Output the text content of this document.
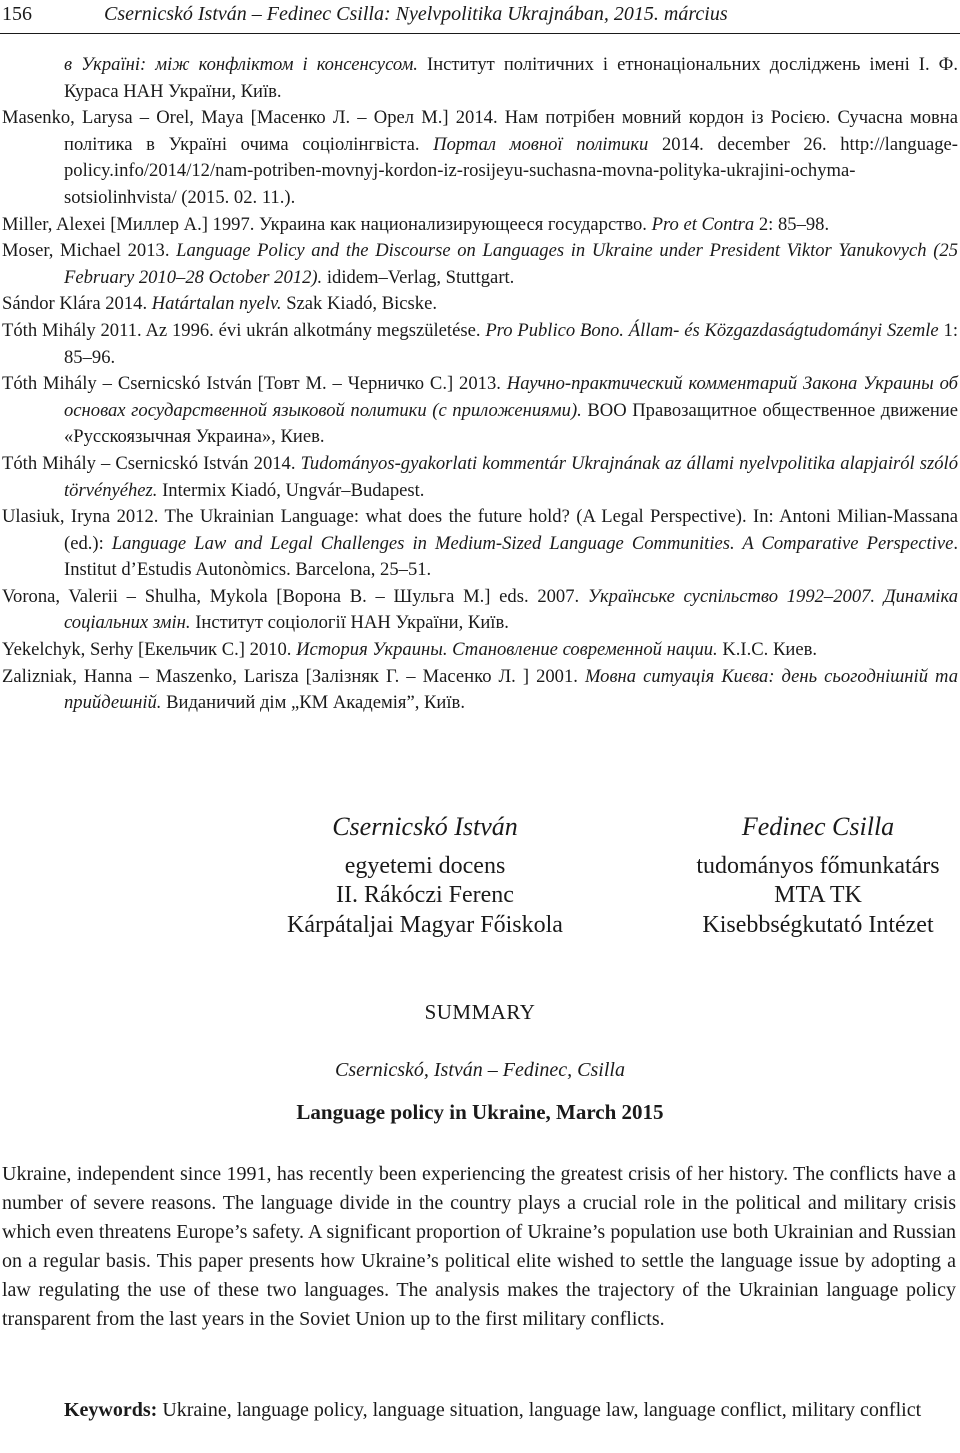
156	Csernicskó István – Fedinec Csilla: Nyelvpolitika Ukrajnában, 2015. március

в Україні: між конфліктом і консенсусом. Інститут політичних і етнонаціональних досліджень імені І. Ф. Кураса НАН України, Київ.

Masenko, Larysa – Orel, Maya [Масенко Л. – Орел М.] 2014. Нам потрібен мовний кордон із Росією. Сучасна мовна політика в Україні очима соціолінгвіста. Портал мовної політики 2014. december 26. http://language-policy.info/2014/12/nam-potriben-movnyj-kordon-iz-rosijeyu-suchasna-movna-polityka-ukrajini-ochyma-sotsiolinhvista/ (2015. 02. 11.).

Miller, Alexei [Миллер А.] 1997. Украина как национализирующееся государство. Pro et Contra 2: 85–98.

Moser, Michael 2013. Language Policy and the Discourse on Languages in Ukraine under President Viktor Yanukovych (25 February 2010–28 October 2012). ididem–Verlag, Stuttgart.

Sándor Klára 2014. Határtalan nyelv. Szak Kiadó, Bicske.

Tóth Mihály 2011. Az 1996. évi ukrán alkotmány megszületése. Pro Publico Bono. Állam- és Közgazdaságtudományi Szemle 1: 85–96.

Tóth Mihály – Csernicskó István [Товт М. – Черничко С.] 2013. Научно-практический комментарий Закона Украины об основах государственной языковой политики (с приложениями). ВОО Правозащитное общественное движение «Русскоязычная Украина», Киев.

Tóth Mihály – Csernicskó István 2014. Tudományos-gyakorlati kommentár Ukrajnának az állami nyelvpolitika alapjairól szóló törvényéhez. Intermix Kiadó, Ungvár–Budapest.

Ulasiuk, Iryna 2012. The Ukrainian Language: what does the future hold? (A Legal Perspective). In: Antoni Milian-Massana (ed.): Language Law and Legal Challenges in Medium-Sized Language Communities. A Comparative Perspective. Institut d’Estudis Autonòmics. Barcelona, 25–51.

Vorona, Valerii – Shulha, Mykola [Ворона В. – Шульга М.] eds. 2007. Українське суспільство 1992–2007. Динаміка соціальних змін. Інститут соціології НАН України, Київ.

Yekelchyk, Serhy [Екельчик С.] 2010. История Украины. Становление современной нации. K.I.C. Киев.

Zalizniak, Hanna – Maszenko, Larisza [Залізняк Г. – Масенко Л. ] 2001. Мовна ситуація Києва: день сьогоднішній та прийдешній. Виданичий дім „КМ Академія”, Київ.

Csernicskó István
egyetemi docens
II. Rákóczi Ferenc
Kárpátaljai Magyar Főiskola
Fedinec Csilla
tudományos főmunkatárs
MTA TK
Kisebbségkutató Intézet
SUMMARY
Csernicskó, István – Fedinec, Csilla
Language policy in Ukraine, March 2015

Ukraine, independent since 1991, has recently been experiencing the greatest crisis of her history. The conflicts have a number of severe reasons. The language divide in the country plays a crucial role in the political and military crisis which even threatens Europe’s safety. A significant proportion of Ukraine’s population use both Ukrainian and Russian on a regular basis. This paper presents how Ukraine’s political elite wished to settle the language issue by adopting a law regulating the use of these two languages. The analysis makes the trajectory of the Ukrainian language policy transparent from the last years in the Soviet Union up to the first military conflicts.

Keywords: Ukraine, language policy, language situation, language law, language conflict, military conflict
